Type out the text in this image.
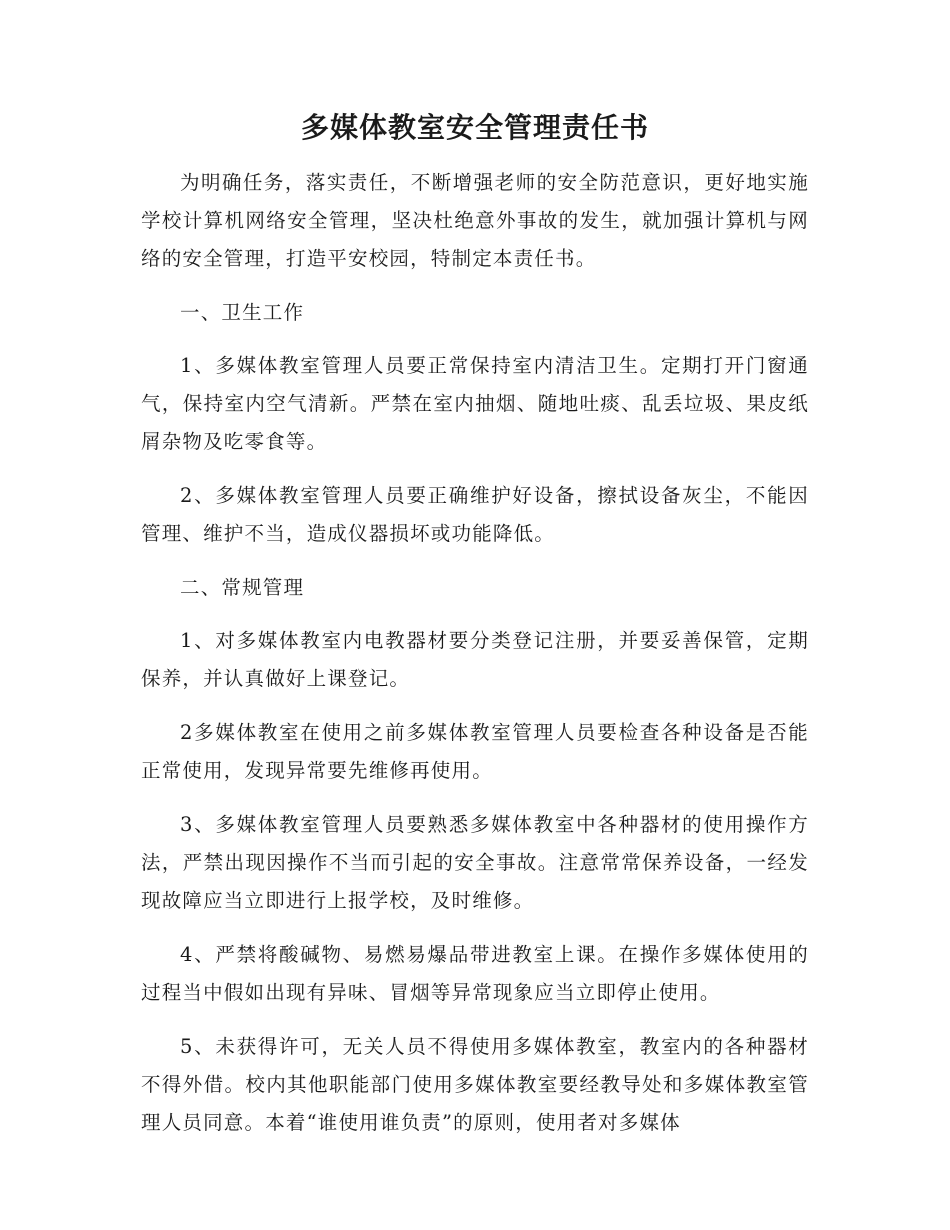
多媒体教室安全管理责任书

为明确任务，落实责任，不断增强老师的安全防范意识，更好地实施学校计算机网络安全管理，坚决杜绝意外事故的发生，就加强计算机与网络的安全管理，打造平安校园，特制定本责任书。

一、卫生工作

1、多媒体教室管理人员要正常保持室内清洁卫生。定期打开门窗通气，保持室内空气清新。严禁在室内抽烟、随地吐痰、乱丢垃圾、果皮纸屑杂物及吃零食等。

2、多媒体教室管理人员要正确维护好设备，擦拭设备灰尘，不能因管理、维护不当，造成仪器损坏或功能降低。

二、常规管理

1、对多媒体教室内电教器材要分类登记注册，并要妥善保管，定期保养，并认真做好上课登记。

2多媒体教室在使用之前多媒体教室管理人员要检查各种设备是否能正常使用，发现异常要先维修再使用。

3、多媒体教室管理人员要熟悉多媒体教室中各种器材的使用操作方法，严禁出现因操作不当而引起的安全事故。注意常常保养设备，一经发现故障应当立即进行上报学校，及时维修。

4、严禁将酸碱物、易燃易爆品带进教室上课。在操作多媒体使用的过程当中假如出现有异味、冒烟等异常现象应当立即停止使用。

5、未获得许可，无关人员不得使用多媒体教室，教室内的各种器材不得外借。校内其他职能部门使用多媒体教室要经教导处和多媒体教室管理人员同意。本着“谁使用谁负责”的原则，使用者对多媒体
